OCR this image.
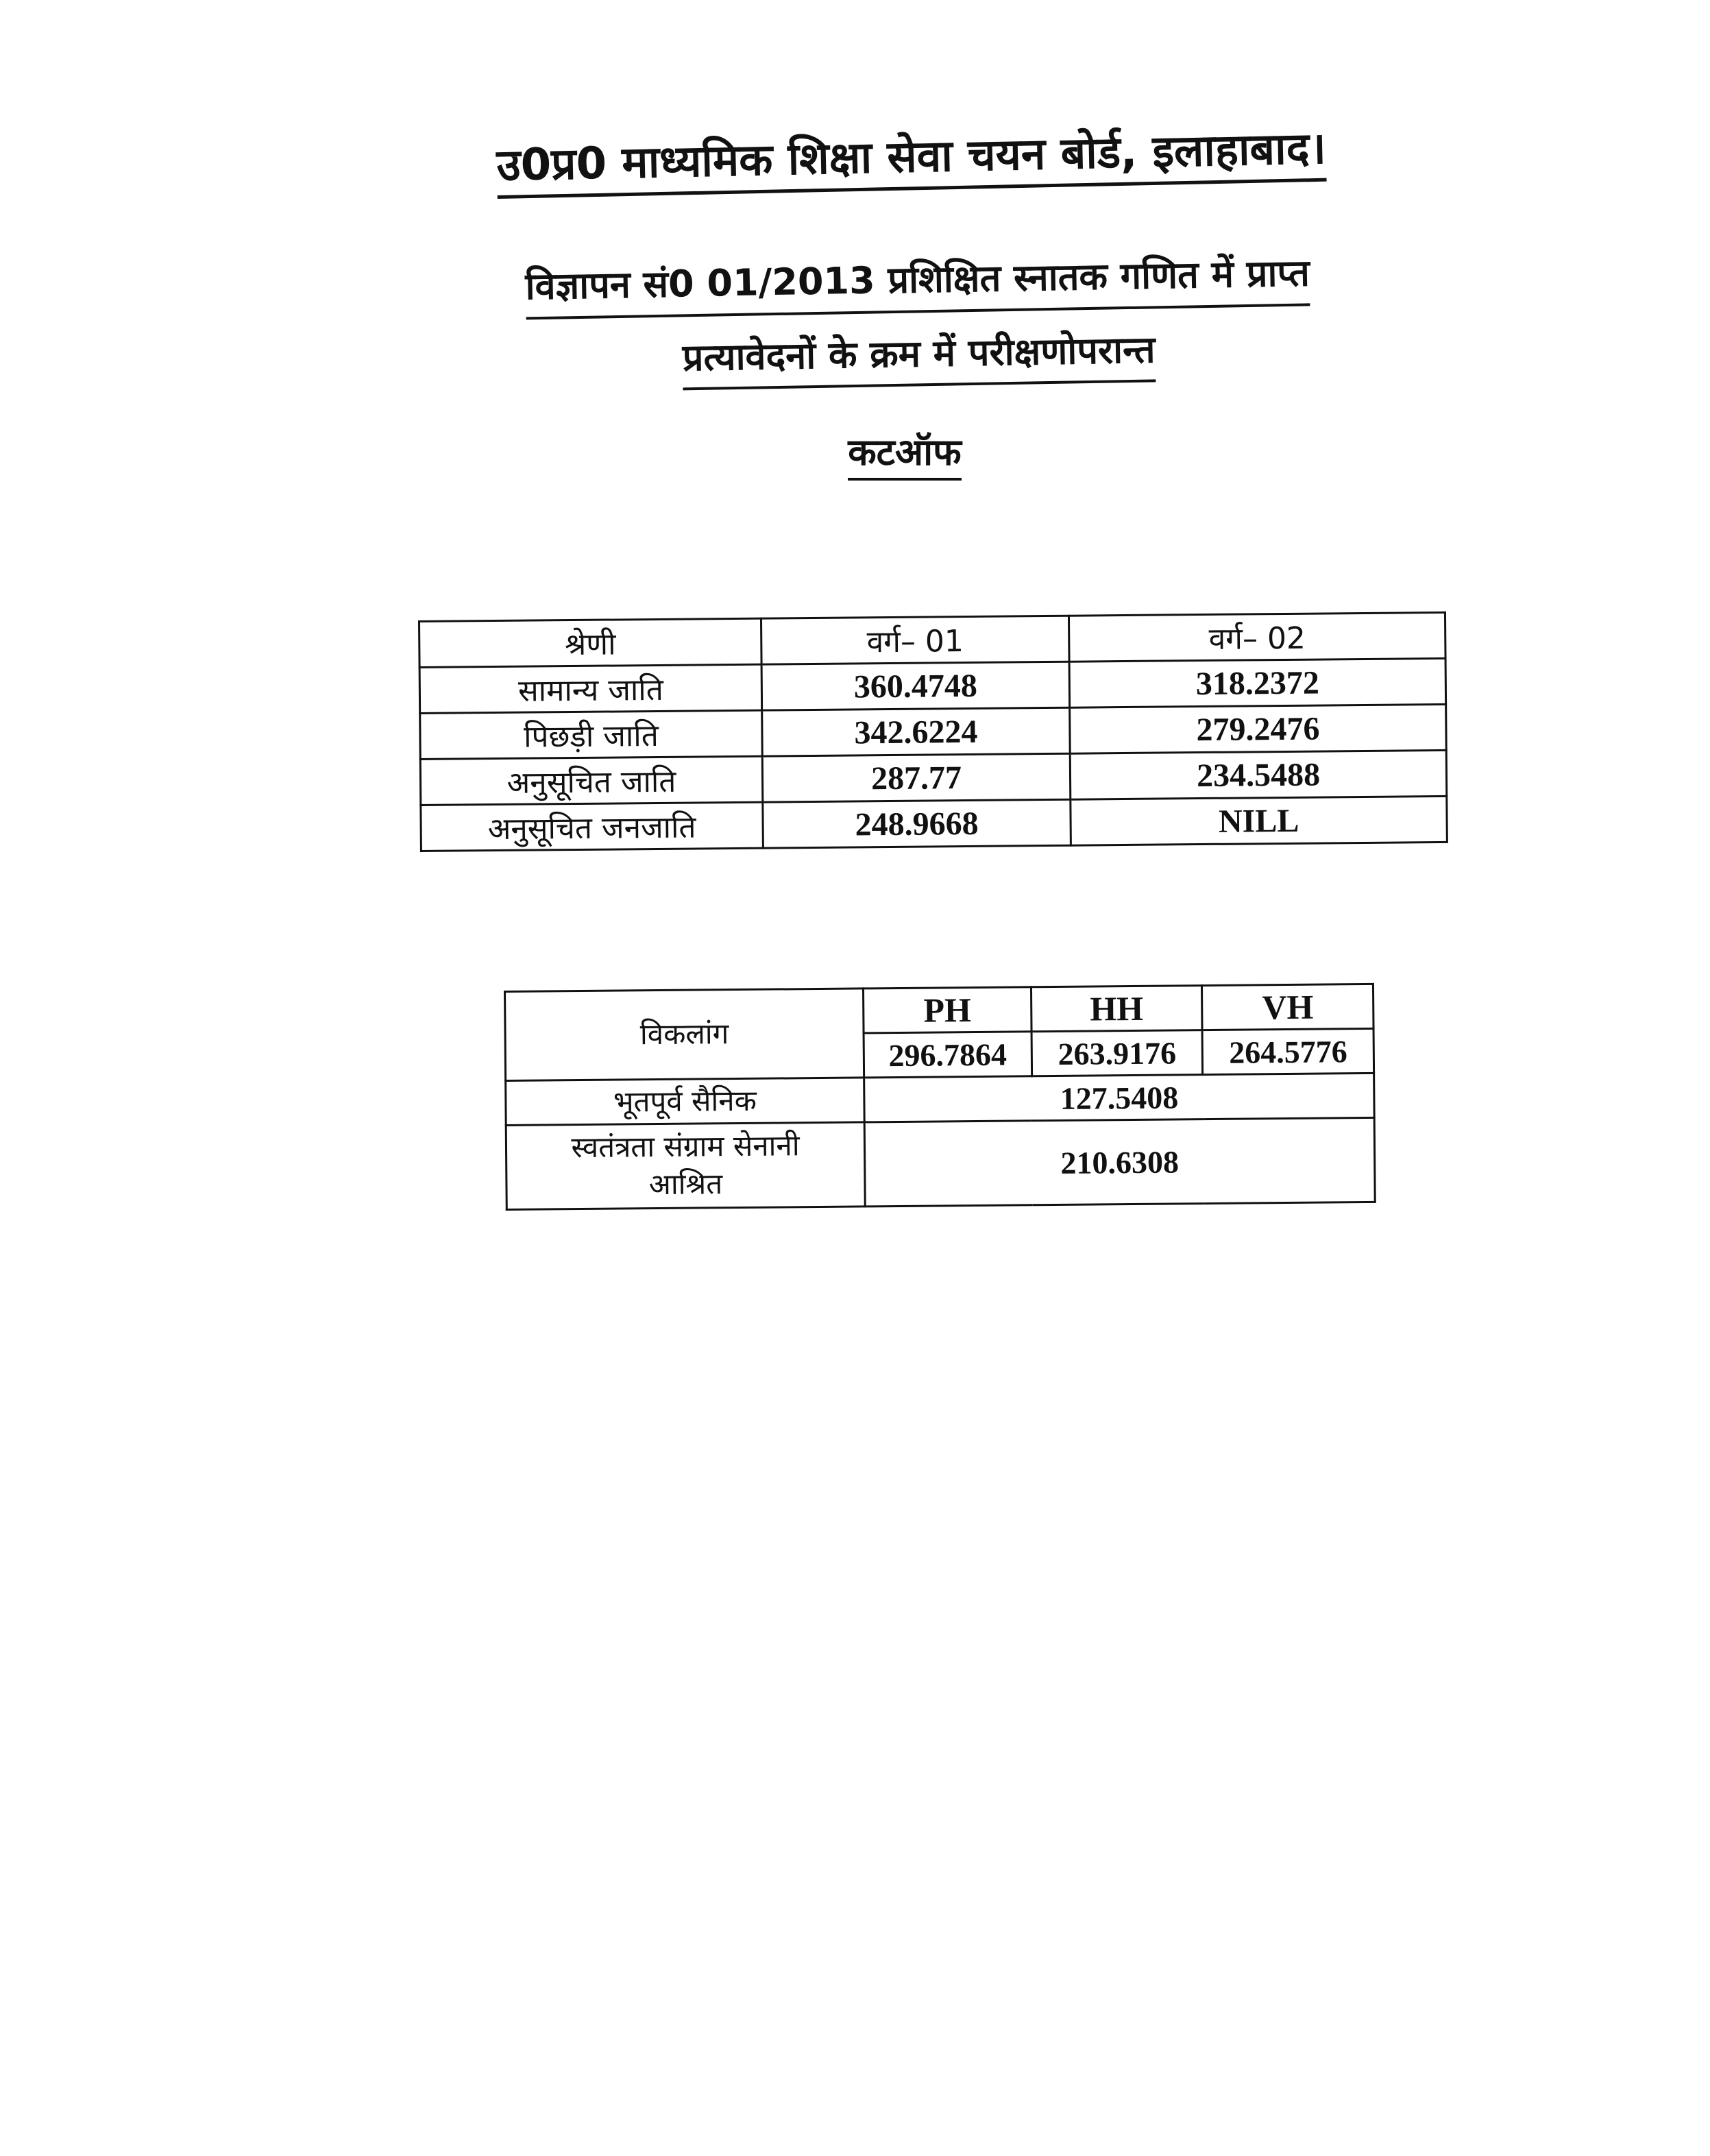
उ0प्र0 माध्यमिक शिक्षा सेवा चयन बोर्ड, इलाहाबाद।
विज्ञापन सं0 01/2013 प्रशिक्षित स्नातक गणित में प्राप्त
प्रत्यावेदनों के क्रम में परीक्षणोपरान्त
कटऑफ
श्रेणी	वर्ग– 01	वर्ग– 02
सामान्य जाति	360.4748	318.2372
पिछड़ी जाति	342.6224	279.2476
अनुसूचित जाति	287.77	234.5488
अनुसूचित जनजाति	248.9668	NILL
विकलांग	PH	HH	VH
	296.7864	263.9176	264.5776
भूतपूर्व सैनिक	127.5408		

स्वतंत्रता संग्राम सेनानी
आश्रित	210.6308		
